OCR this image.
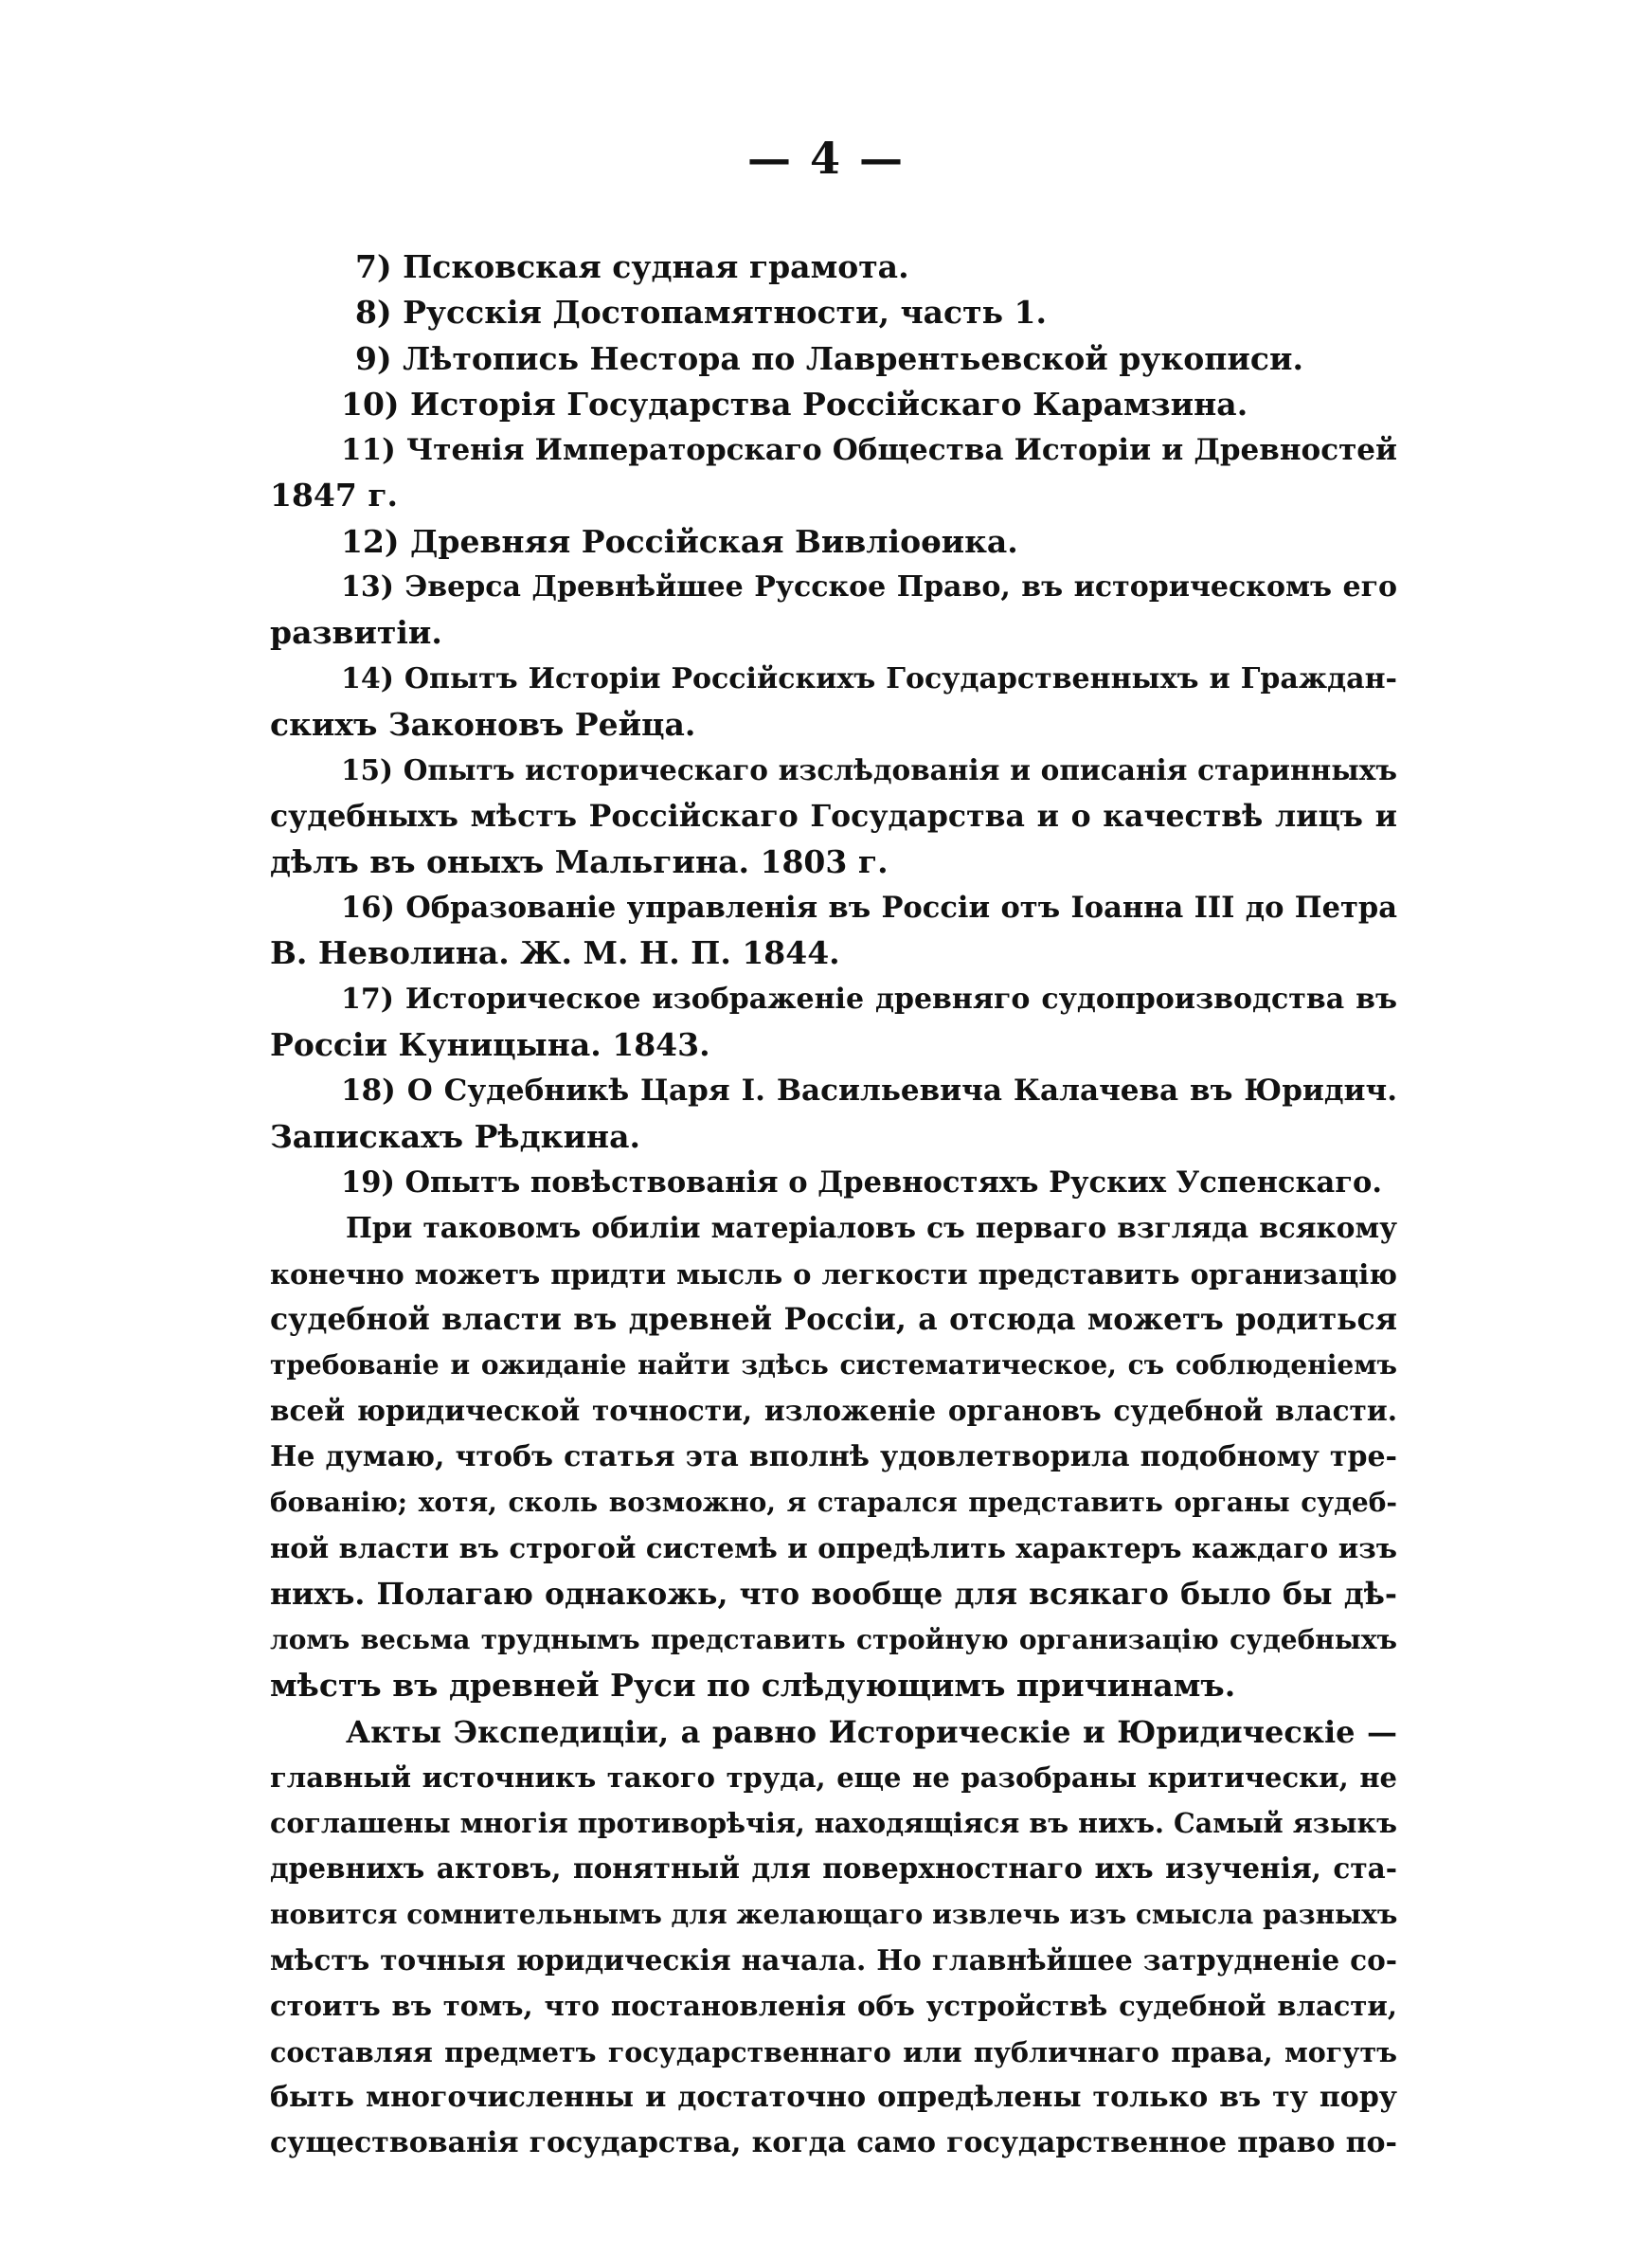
— 4 —
7) Псковская судная грамота.
8) Русскія Достопамятности, часть 1.
9) Лѣтопись Нестора по Лаврентьевской рукописи.
10) Исторія Государства Россійскаго Карамзина.
11) Чтенія Императорскаго Общества Исторіи и Древностей
1847 г.
12) Древняя Россійская Вивліоѳика.
13) Эверса Древнѣйшее Русское Право, въ историческомъ его
развитіи.
14) Опытъ Исторіи Россійскихъ Государственныхъ и Граждан-
скихъ Законовъ Рейца.
15) Опытъ историческаго изслѣдованія и описанія старинныхъ
судебныхъ мѣстъ Россійскаго Государства и о качествѣ лицъ и
дѣлъ въ оныхъ Мальгина. 1803 г.
16) Образованіе управленія въ Россіи отъ Іоанна III до Петра
В. Неволина. Ж. М. Н. П. 1844.
17) Историческое изображеніе древняго судопроизводства въ
Россіи Куницына. 1843.
18) О Судебникѣ Царя І. Васильевича Калачева въ Юридич.
Запискахъ Рѣдкина.
19) Опытъ повѣствованія о Древностяхъ Руских Успенскаго.
При таковомъ обиліи матеріаловъ съ перваго взгляда всякому
конечно можетъ придти мысль о легкости представить организацію
судебной власти въ древней Россіи, а отсюда можетъ родиться
требованіе и ожиданіе найти здѣсь систематическое, съ соблюденіемъ
всей юридической точности, изложеніе органовъ судебной власти.
Не думаю, чтобъ статья эта вполнѣ удовлетворила подобному тре-
бованію; хотя, сколь возможно, я старался представить органы судеб-
ной власти въ строгой системѣ и опредѣлить характеръ каждаго изъ
нихъ. Полагаю однакожь, что вообще для всякаго было бы дѣ-
ломъ весьма труднымъ представить стройную организацію судебныхъ
мѣстъ въ древней Руси по слѣдующимъ причинамъ.
Акты Экспедиціи, а равно Историческіе и Юридическіе —
главный источникъ такого труда, еще не разобраны критически, не
соглашены многія противорѣчія, находящіяся въ нихъ. Самый языкъ
древнихъ актовъ, понятный для поверхностнаго ихъ изученія, ста-
новится сомнительнымъ для желающаго извлечь изъ смысла разныхъ
мѣстъ точныя юридическія начала. Но главнѣйшее затрудненіе со-
стоитъ въ томъ, что постановленія объ устройствѣ судебной власти,
составляя предметъ государственнаго или публичнаго права, могутъ
быть многочисленны и достаточно опредѣлены только въ ту пору
существованія государства, когда само государственное право по-
